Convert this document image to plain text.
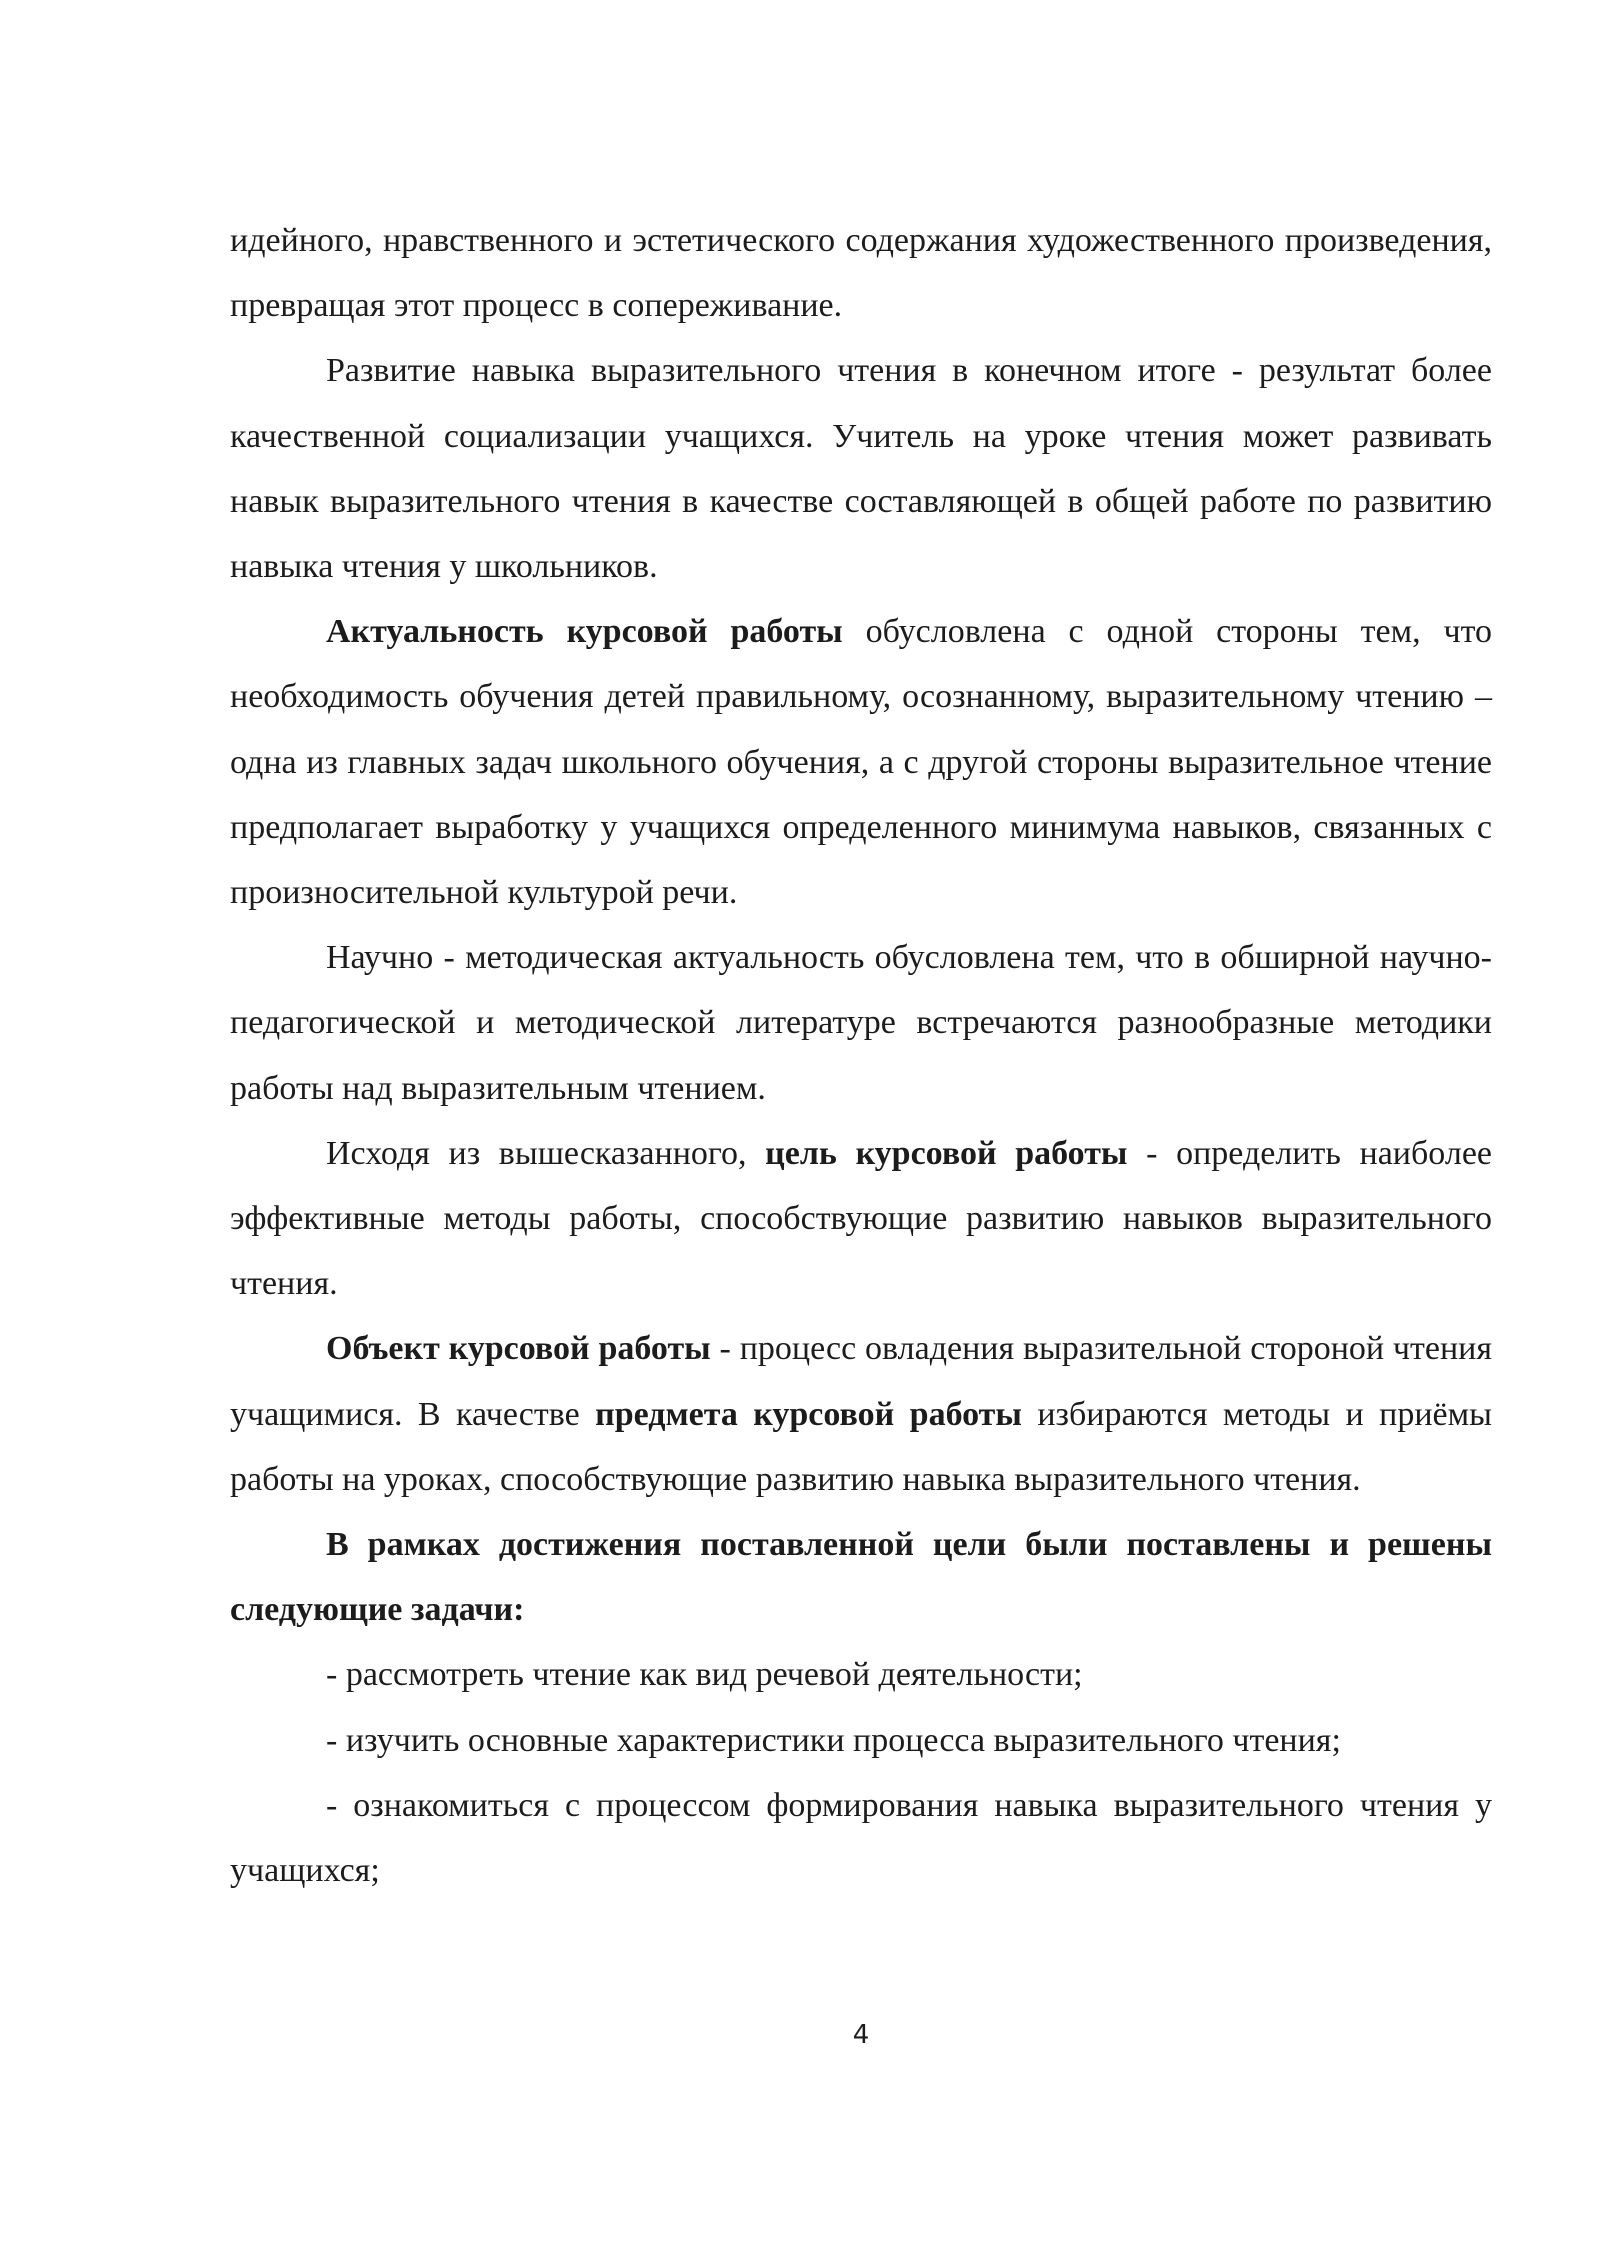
идейного, нравственного и эстетического содержания художественного произведения, превращая этот процесс в сопереживание.

Развитие навыка выразительного чтения в конечном итоге - результат более качественной социализации учащихся. Учитель на уроке чтения может развивать навык выразительного чтения в качестве составляющей в общей работе по развитию навыка чтения у школьников.

Актуальность курсовой работы обусловлена с одной стороны тем, что необходимость обучения детей правильному, осознанному, выразительному чтению – одна из главных задач школьного обучения, а с другой стороны выразительное чтение предполагает выработку у учащихся определенного минимума навыков, связанных с произносительной культурой речи.

Научно - методическая актуальность обусловлена тем, что в обширной научно-педагогической и методической литературе встречаются разнообразные методики работы над выразительным чтением.

Исходя из вышесказанного, цель курсовой работы - определить наиболее эффективные методы работы, способствующие развитию навыков выразительного чтения.

Объект курсовой работы - процесс овладения выразительной стороной чтения учащимися. В качестве предмета курсовой работы избираются методы и приёмы работы на уроках, способствующие развитию навыка выразительного чтения.

В рамках достижения поставленной цели были поставлены и решены следующие задачи:

- рассмотреть чтение как вид речевой деятельности;

- изучить основные характеристики процесса выразительного чтения;

- ознакомиться с процессом формирования навыка выразительного чтения у учащихся;

4
